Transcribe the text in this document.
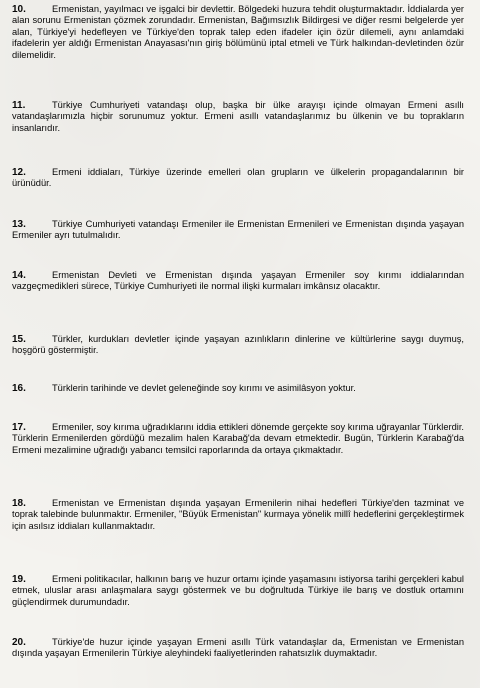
10.	Ermenistan, yayılmacı ve işgalci bir devlettir. Bölgedeki huzura tehdit oluşturmaktadır. İddialarda yer alan sorunu Ermenistan çözmek zorundadır. Ermenistan, Bağımsızlık Bildirgesi ve diğer resmi belgelerde yer alan, Türkiye'yi hedefleyen ve Türkiye'den toprak talep eden ifadeler için özür dilemeli, aynı anlamdaki ifadelerin yer aldığı Ermenistan Anayasası'nın giriş bölümünü iptal etmeli ve Türk halkından-devletinden özür dilemelidir.
11.	Türkiye Cumhuriyeti vatandaşı olup, başka bir ülke arayışı içinde olmayan Ermeni asıllı vatandaşlarımızla hiçbir sorunumuz yoktur. Ermeni asıllı vatandaşlarımız bu ülkenin ve bu toprakların insanlarıdır.
12.	Ermeni iddiaları, Türkiye üzerinde emelleri olan grupların ve ülkelerin propagandalarının bir ürünüdür.
13.	Türkiye Cumhuriyeti vatandaşı Ermeniler ile Ermenistan Ermenileri ve Ermenistan dışında yaşayan Ermeniler ayrı tutulmalıdır.
14.	Ermenistan Devleti ve Ermenistan dışında yaşayan Ermeniler soy kırımı iddialarından vazgeçmedikleri sürece, Türkiye Cumhuriyeti ile normal ilişki kurmaları imkânsız olacaktır.
15.	Türkler, kurdukları devletler içinde yaşayan azınlıkların dinlerine ve kültürlerine saygı duymuş, hoşgörü göstermiştir.
16.	Türklerin tarihinde ve devlet geleneğinde soy kırımı ve asimilâsyon yoktur.
17.	Ermeniler, soy kırıma uğradıklarını iddia ettikleri dönemde gerçekte soy kırıma uğrayanlar Türklerdir. Türklerin Ermenilerden gördüğü mezalim halen Karabağ'da devam etmektedir. Bugün, Türklerin Karabağ'da Ermeni mezalimine uğradığı yabancı temsilci raporlarında da ortaya çıkmaktadır.
18.	Ermenistan ve Ermenistan dışında yaşayan Ermenilerin nihai hedefleri Türkiye'den tazminat ve toprak talebinde bulunmaktır. Ermeniler, "Büyük Ermenistan" kurmaya yönelik millî hedeflerini gerçekleştirmek için asılsız iddiaları kullanmaktadır.
19.	Ermeni politikacılar, halkının barış ve huzur ortamı içinde yaşamasını istiyorsa tarihi gerçekleri kabul etmek, uluslar arası anlaşmalara saygı göstermek ve bu doğrultuda Türkiye ile barış ve dostluk ortamını güçlendirmek durumundadır.
20.	Türkiye'de huzur içinde yaşayan Ermeni asıllı Türk vatandaşlar da, Ermenistan ve Ermenistan dışında yaşayan Ermenilerin Türkiye aleyhindeki faaliyetlerinden rahatsızlık duymaktadır.
